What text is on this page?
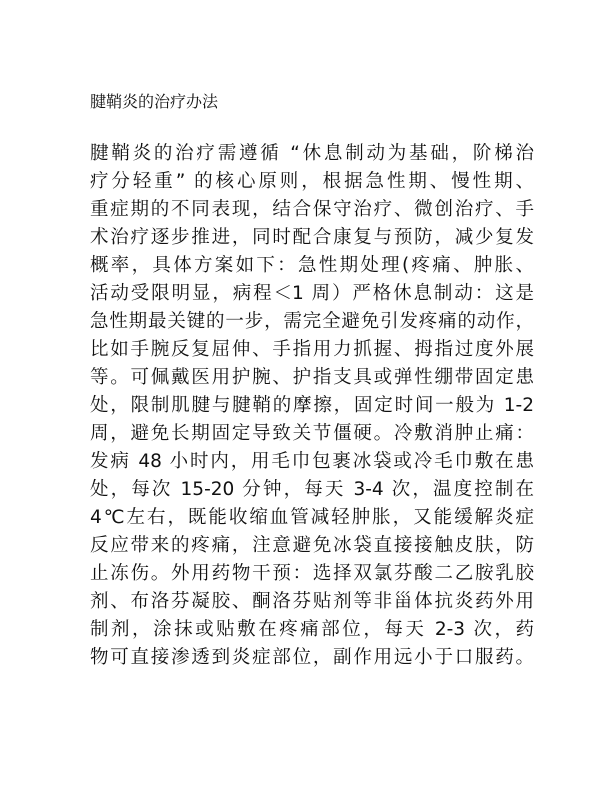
腱鞘炎的治疗办法
腱鞘炎的治疗需遵循 “休息制动为基础，阶梯治
疗分轻重” 的核心原则，根据急性期、慢性期、
重症期的不同表现，结合保守治疗、微创治疗、手
术治疗逐步推进，同时配合康复与预防，减少复发
概率，具体方案如下：急性期处理(疼痛、肿胀、
活动受限明显，病程＜1 周）严格休息制动：这是
急性期最关键的一步，需完全避免引发疼痛的动作，
比如手腕反复屈伸、手指用力抓握、拇指过度外展
等。可佩戴医用护腕、护指支具或弹性绷带固定患
处，限制肌腱与腱鞘的摩擦，固定时间一般为 1-2
周，避免长期固定导致关节僵硬。冷敷消肿止痛：
发病 48 小时内，用毛巾包裹冰袋或冷毛巾敷在患
处，每次 15-20 分钟，每天 3-4 次，温度控制在
4℃左右，既能收缩血管减轻肿胀，又能缓解炎症
反应带来的疼痛，注意避免冰袋直接接触皮肤，防
止冻伤。外用药物干预：选择双氯芬酸二乙胺乳胶
剂、布洛芬凝胶、酮洛芬贴剂等非甾体抗炎药外用
制剂，涂抹或贴敷在疼痛部位，每天 2-3 次，药
物可直接渗透到炎症部位，副作用远小于口服药。
